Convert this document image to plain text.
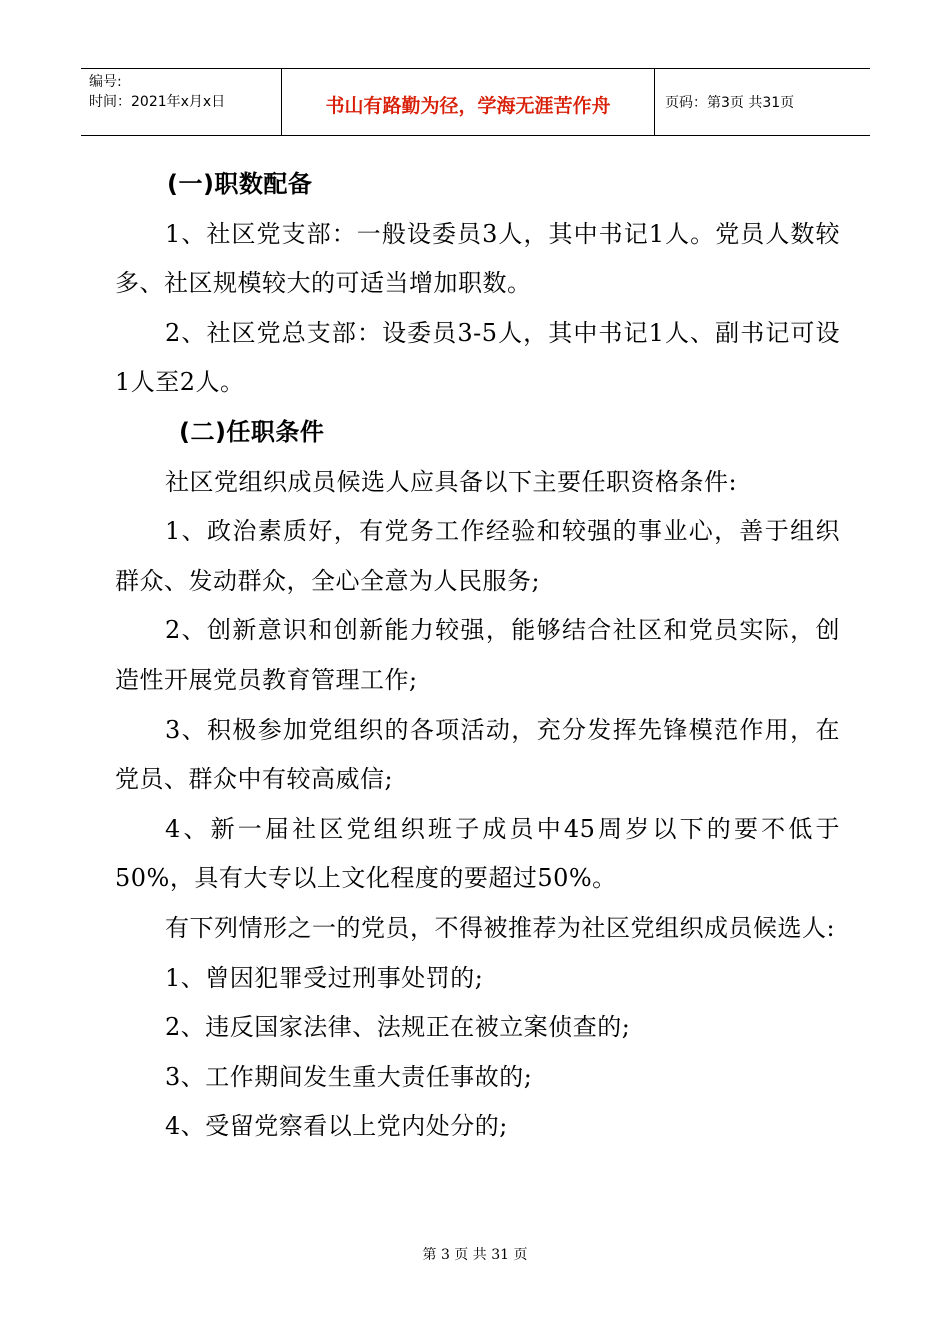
编号:
时间：2021年x月x日	书山有路勤为径，学海无涯苦作舟	页码：第3页 共31页
(一)职数配备

1、社区党支部：一般设委员3人，其中书记1人。党员人数较多、社区规模较大的可适当增加职数。

2、社区党总支部：设委员3-5人，其中书记1人、副书记可设1人至2人。

(二)任职条件

社区党组织成员候选人应具备以下主要任职资格条件:

1、政治素质好，有党务工作经验和较强的事业心，善于组织群众、发动群众，全心全意为人民服务;

2、创新意识和创新能力较强，能够结合社区和党员实际，创造性开展党员教育管理工作;

3、积极参加党组织的各项活动，充分发挥先锋模范作用，在党员、群众中有较高威信;

4、新一届社区党组织班子成员中45周岁以下的要不低于50%，具有大专以上文化程度的要超过50%。

有下列情形之一的党员，不得被推荐为社区党组织成员候选人:

1、曾因犯罪受过刑事处罚的;

2、违反国家法律、法规正在被立案侦查的;

3、工作期间发生重大责任事故的;

4、受留党察看以上党内处分的;

第 3 页 共 31 页
